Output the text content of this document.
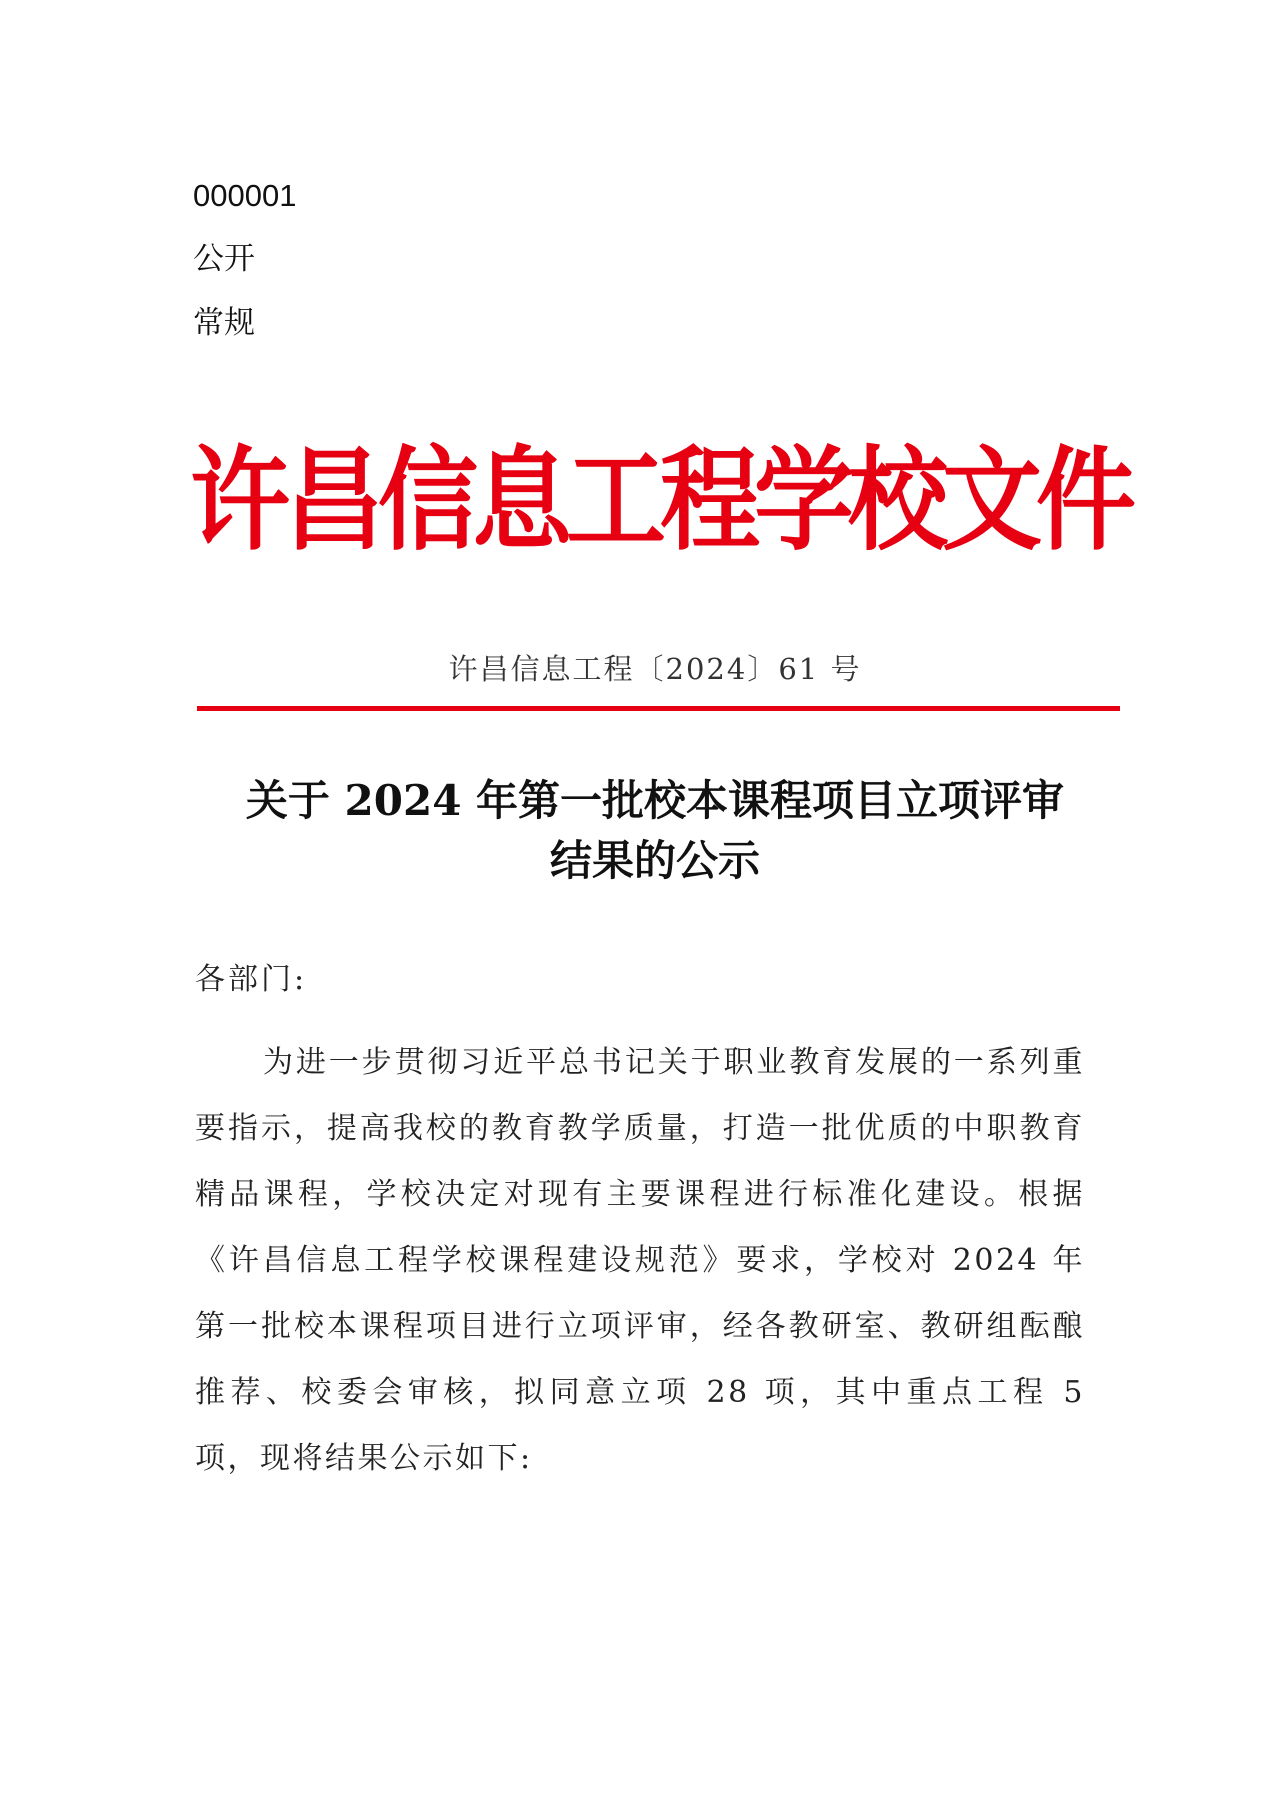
000001
公开
常规
许昌信息工程学校文件
许昌信息工程〔2024〕61 号
关于 2024 年第一批校本课程项目立项评审
结果的公示
各部门:

为进一步贯彻习近平总书记关于职业教育发展的一系列重要指示，提高我校的教育教学质量，打造一批优质的中职教育精品课程，学校决定对现有主要课程进行标准化建设。根据《许昌信息工程学校课程建设规范》要求，学校对 2024 年第一批校本课程项目进行立项评审，经各教研室、教研组酝酿推荐、校委会审核，拟同意立项 28 项，其中重点工程 5 项，现将结果公示如下:
